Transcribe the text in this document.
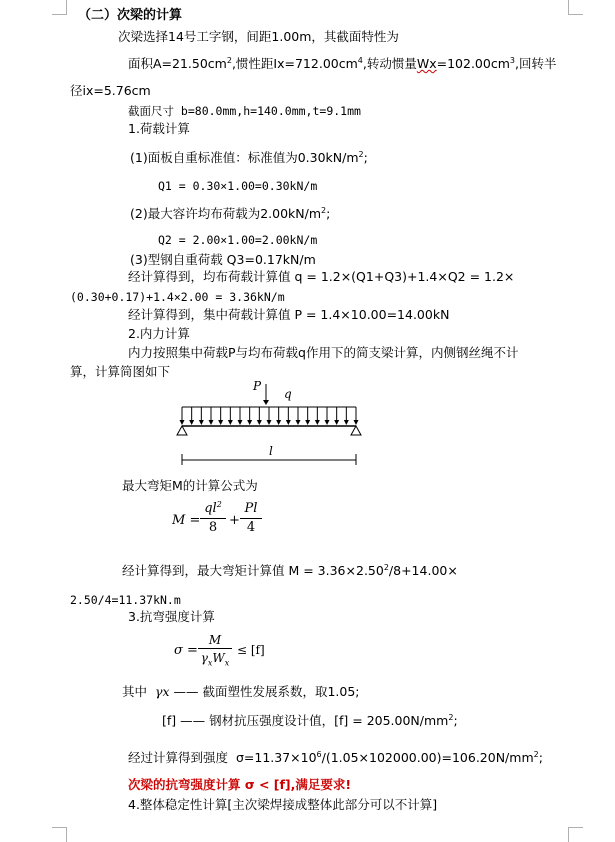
（二）次梁的计算
次梁选择14号工字钢，间距1.00m，其截面特性为
面积$A=21.50cm^2$,惯性距$Ix=712.00cm^4$,转动惯量$Wx=102.00cm^3$,回转半
径ix=5.76cm
截面尺寸 b=80.0mm,h=140.0mm,t=9.1mm
1.荷载计算
(1)面板自重标准值：标准值为$0.30kN/m^2$;
Q1 = 0.30×1.00=0.30kN/m
(2)最大容许均布荷载为$2.00kN/m^2$;
Q2 = 2.00×1.00=2.00kN/m
(3)型钢自重荷载 Q3=0.17kN/m
经计算得到，均布荷载计算值 q = 1.2×(Q1+Q3)+1.4×Q2 = 1.2×
(0.30+0.17)+1.4×2.00 = 3.36kN/m
经计算得到，集中荷载计算值 P = 1.4×10.00=14.00kN
2.内力计算
内力按照集中荷载P与均布荷载q作用下的简支梁计算，内侧钢丝绳不计
算，计算简图如下
P
q
l
最大弯矩M的计算公式为
$M = \frac{ql^2}{8} + \frac{Pl}{4}$
经计算得到，最大弯矩计算值 $M = 3.36\times 2.50^2/8+14.00\times$
2.50/4=11.37kN.m
3.抗弯强度计算
σ =
M
$\gamma_xW_x$
≤ [f]
其中 γx —— 截面塑性发展系数，取1.05;
[f] —— 钢材抗压强度设计值，$[f] = 205.00N/mm^2$;
经过计算得到强度 $\sigma=11.37\times 10^6/(1.05\times 102000.00)=106.20N/mm^2$;
次梁的抗弯强度计算 σ < [f],满足要求!
4.整体稳定性计算[主次梁焊接成整体此部分可以不计算]
